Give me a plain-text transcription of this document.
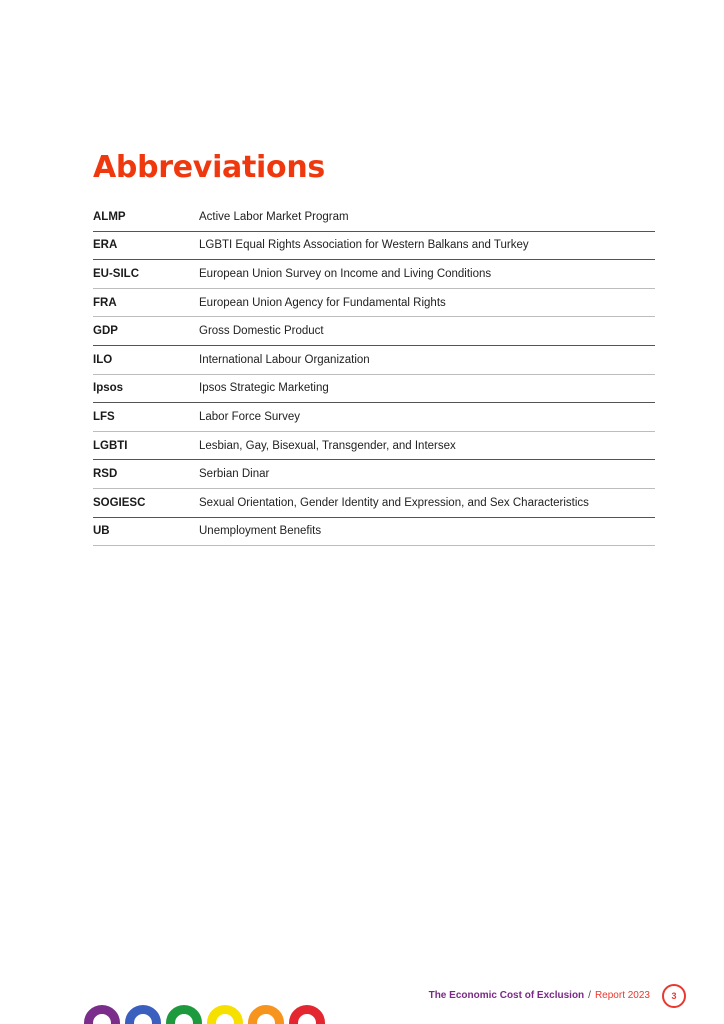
Abbreviations
ALMP	Active Labor Market Program
ERA	LGBTI Equal Rights Association for Western Balkans and Turkey
EU-SILC	European Union Survey on Income and Living Conditions
FRA	European Union Agency for Fundamental Rights
GDP	Gross Domestic Product
ILO	International Labour Organization
Ipsos	Ipsos Strategic Marketing
LFS	Labor Force Survey
LGBTI	Lesbian, Gay, Bisexual, Transgender, and Intersex
RSD	Serbian Dinar
SOGIESC	Sexual Orientation, Gender Identity and Expression, and Sex Characteristics
UB	Unemployment Benefits
The Economic Cost of Exclusion / Report 2023	3
